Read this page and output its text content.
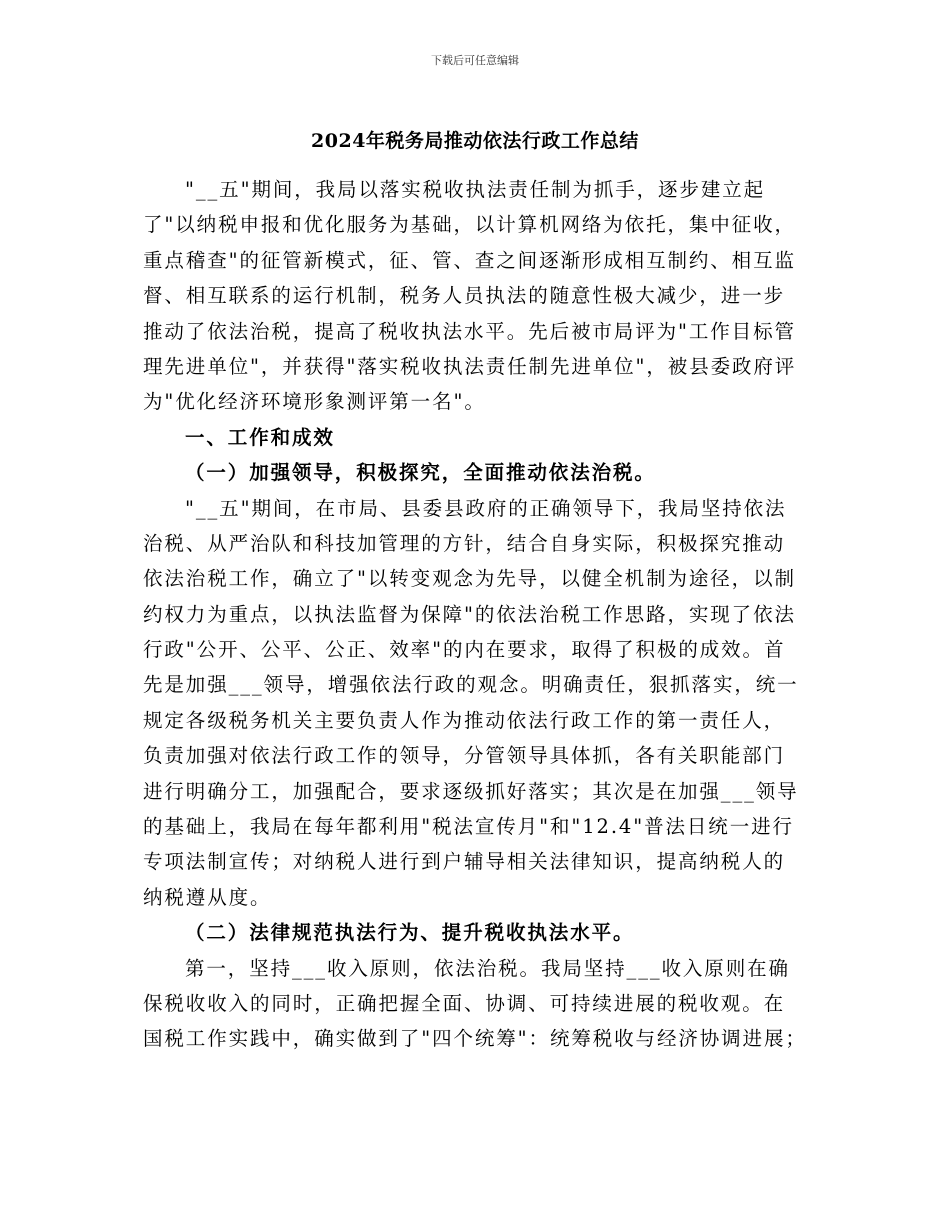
下载后可任意编辑
2024年税务局推动依法行政工作总结
"__五"期间，我局以落实税收执法责任制为抓手，逐步建立起
了"以纳税申报和优化服务为基础，以计算机网络为依托，集中征收，
重点稽查"的征管新模式，征、管、查之间逐渐形成相互制约、相互监
督、相互联系的运行机制，税务人员执法的随意性极大减少，进一步
推动了依法治税，提高了税收执法水平。先后被市局评为"工作目标管
理先进单位"，并获得"落实税收执法责任制先进单位"，被县委政府评
为"优化经济环境形象测评第一名"。
一、工作和成效
（一）加强领导，积极探究，全面推动依法治税。
"__五"期间，在市局、县委县政府的正确领导下，我局坚持依法
治税、从严治队和科技加管理的方针，结合自身实际，积极探究推动
依法治税工作，确立了"以转变观念为先导，以健全机制为途径，以制
约权力为重点，以执法监督为保障"的依法治税工作思路，实现了依法
行政"公开、公平、公正、效率"的内在要求，取得了积极的成效。首
先是加强___领导，增强依法行政的观念。明确责任，狠抓落实，统一
规定各级税务机关主要负责人作为推动依法行政工作的第一责任人，
负责加强对依法行政工作的领导，分管领导具体抓，各有关职能部门
进行明确分工，加强配合，要求逐级抓好落实；其次是在加强___领导
的基础上，我局在每年都利用"税法宣传月"和"12.4"普法日统一进行
专项法制宣传；对纳税人进行到户辅导相关法律知识，提高纳税人的
纳税遵从度。
（二）法律规范执法行为、提升税收执法水平。
第一，坚持___收入原则，依法治税。我局坚持___收入原则在确
保税收收入的同时，正确把握全面、协调、可持续进展的税收观。在
国税工作实践中，确实做到了"四个统筹"：统筹税收与经济协调进展；
